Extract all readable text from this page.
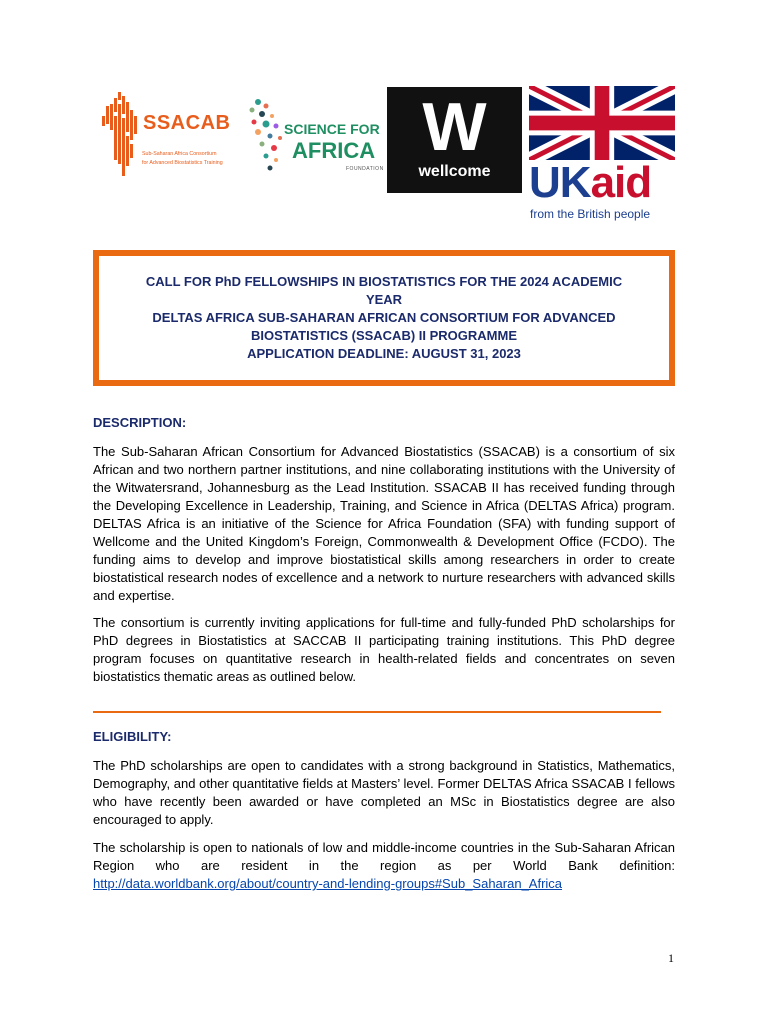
SSACAB
Sub-Saharan Africa Consortium
for Advanced Biostatistics Training
SCIENCE FOR
AFRICA
FOUNDATION
W
wellcome UKaid
from the British people
CALL FOR PhD FELLOWSHIPS IN BIOSTATISTICS FOR THE 2024 ACADEMIC
YEAR
DELTAS AFRICA SUB-SAHARAN AFRICAN CONSORTIUM FOR ADVANCED
BIOSTATISTICS (SSACAB) II PROGRAMME
APPLICATION DEADLINE: AUGUST 31, 2023
DESCRIPTION:
The Sub-Saharan African Consortium for Advanced Biostatistics (SSACAB) is a consortium of six African and two northern partner institutions, and nine collaborating institutions with the University of the Witwatersrand, Johannesburg as the Lead Institution. SSACAB II has received funding through the Developing Excellence in Leadership, Training, and Science in Africa (DELTAS Africa) program. DELTAS Africa is an initiative of the Science for Africa Foundation (SFA) with funding support of Wellcome and the United Kingdom’s Foreign, Commonwealth & Development Office (FCDO). The funding aims to develop and improve biostatistical skills among researchers in order to create biostatistical research nodes of excellence and a network to nurture researchers with advanced skills and expertise.
The consortium is currently inviting applications for full-time and fully-funded PhD scholarships for PhD degrees in Biostatistics at SACCAB II participating training institutions. This PhD degree program focuses on quantitative research in health-related fields and concentrates on seven biostatistics thematic areas as outlined below.
ELIGIBILITY:
The PhD scholarships are open to candidates with a strong background in Statistics, Mathematics, Demography, and other quantitative fields at Masters’ level. Former DELTAS Africa SSACAB I fellows who have recently been awarded or have completed an MSc in Biostatistics degree are also encouraged to apply.
The scholarship is open to nationals of low and middle-income countries in the Sub-Saharan African Region who are resident in the region as per World Bank definition: http://data.worldbank.org/about/country-and-lending-groups#Sub_Saharan_Africa
1
